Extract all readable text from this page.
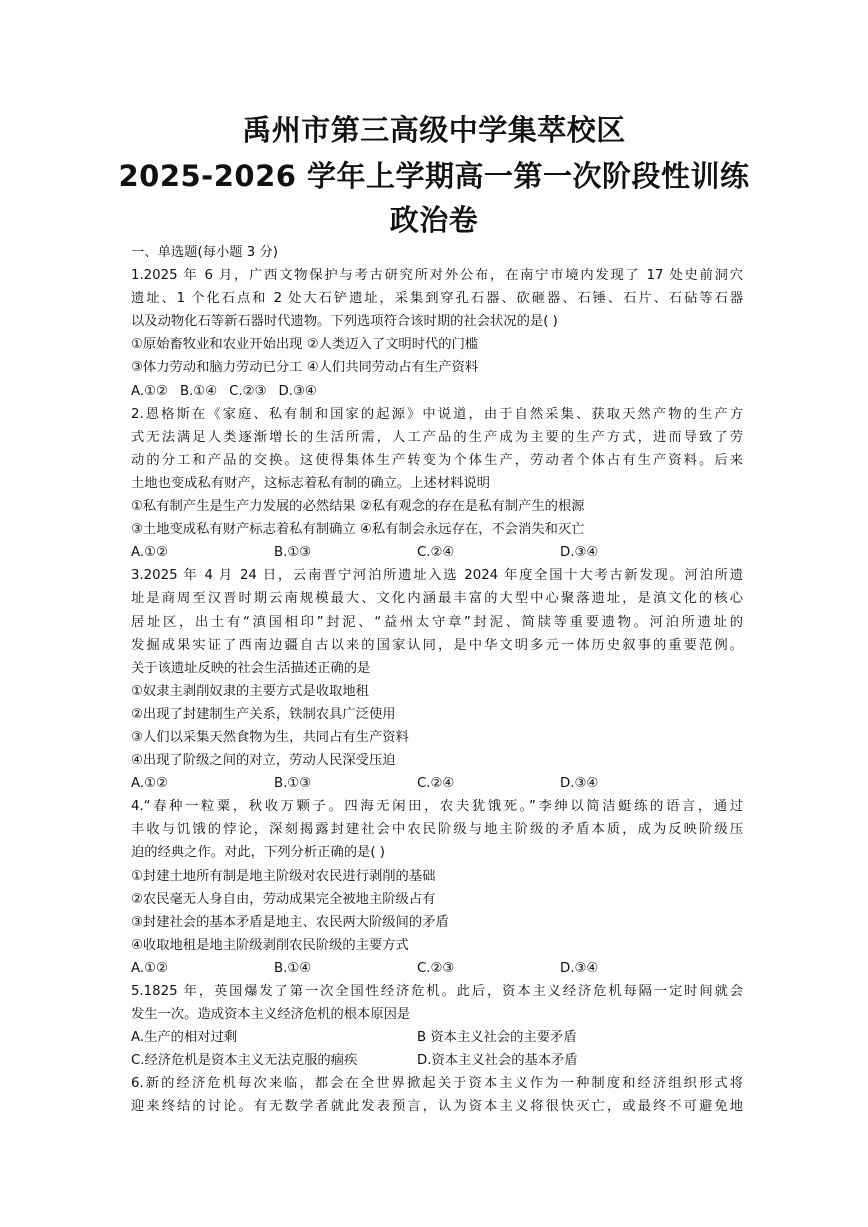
禹州市第三高级中学集萃校区
2025-2026 学年上学期高一第一次阶段性训练
政治卷
一、单选题(每小题 3 分)
1.2025 年 6 月，广西文物保护与考古研究所对外公布，在南宁市境内发现了 17 处史前洞穴
遗址、1 个化石点和 2 处大石铲遗址，采集到穿孔石器、砍砸器、石锤、石片、石砧等石器
以及动物化石等新石器时代遗物。下列选项符合该时期的社会状况的是( )
①原始畜牧业和农业开始出现 ②人类迈入了文明时代的门槛
③体力劳动和脑力劳动已分工 ④人们共同劳动占有生产资料
A.①② B.①④ C.②③ D.③④
2.恩格斯在《家庭、私有制和国家的起源》中说道，由于自然采集、获取天然产物的生产方
式无法满足人类逐渐增长的生活所需，人工产品的生产成为主要的生产方式，进而导致了劳
动的分工和产品的交换。这使得集体生产转变为个体生产，劳动者个体占有生产资料。后来
土地也变成私有财产，这标志着私有制的确立。上述材料说明
①私有制产生是生产力发展的必然结果 ②私有观念的存在是私有制产生的根源
③土地变成私有财产标志着私有制确立 ④私有制会永远存在，不会消失和灭亡
A.①②	B.①③	C.②④	D.③④
3.2025 年 4 月 24 日，云南晋宁河泊所遗址入选 2024 年度全国十大考古新发现。河泊所遗
址是商周至汉晋时期云南规模最大、文化内涵最丰富的大型中心聚落遗址，是滇文化的核心
居址区，出土有“滇国相印”封泥、“益州太守章”封泥、简牍等重要遗物。河泊所遗址的
发掘成果实证了西南边疆自古以来的国家认同，是中华文明多元一体历史叙事的重要范例。
关于该遗址反映的社会生活描述正确的是
①奴隶主剥削奴隶的主要方式是收取地租
②出现了封建制生产关系，铁制农具广泛使用
③人们以采集天然食物为生，共同占有生产资料
④出现了阶级之间的对立，劳动人民深受压迫
A.①②	B.①③	C.②④	D.③④
4.“春种一粒粟，秋收万颗子。四海无闲田，农夫犹饿死。”李绅以简洁蜓练的语言，通过
丰收与饥饿的悖论，深刻揭露封建社会中农民阶级与地主阶级的矛盾本质，成为反映阶级压
迫的经典之作。对此，下列分析正确的是( )
①封建土地所有制是地主阶级对农民进行剥削的基础
②农民毫无人身自由，劳动成果完全被地主阶级占有
③封建社会的基本矛盾是地主、农民两大阶级间的矛盾
④收取地租是地主阶级剥削农民阶级的主要方式
A.①②	B.①④	C.②③	D.③④
5.1825 年，英国爆发了第一次全国性经济危机。此后，资本主义经济危机每隔一定时间就会
发生一次。造成资本主义经济危机的根本原因是
A.生产的相对过剩	B 资本主义社会的主要矛盾
C.经济危机是资本主义无法克服的痼疾	D.资本主义社会的基本矛盾
6.新的经济危机每次来临，都会在全世界掀起关于资本主义作为一种制度和经济组织形式将
迎来终结的讨论。有无数学者就此发表预言，认为资本主义将很快灭亡，或最终不可避免地
